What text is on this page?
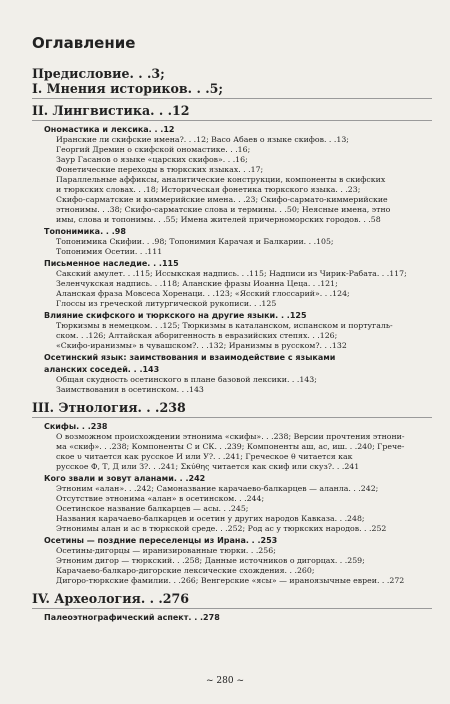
Оглавление
Предисловие. . .3;
I. Мнения историков. . .5;
II. Лингвистика. . .12
Ономастика и лексика. . .12
Иранские ли скифские имена?. . .12; Васо Абаев о языке скифов. . .13;
Георгий Дремин о скифской ономастике. . .16;
Заур Гасанов о языке «царских скифов». . .16;
Фонетические переходы в тюркских языках. . .17;
Параллельные аффиксы, аналитические конструкции, компоненты в скифских
и тюркских словах. . .18; Историческая фонетика тюркского языка. . .23;
Скифо-сарматские и киммерийские имена. . .23; Скифо-сармато-киммерийские
этнонимы. . .38; Скифо-сарматские слова и термины. . .50; Неясные имена, этно
имы, слова и топонимы. . .55; Имена жителей причерноморских городов. . .58
Топонимика. . .98
Топонимика Скифии. . .98; Топонимия Карачая и Балкарии. . .105;
Топонимия Осетии. . .111
Письменное наследие. . .115
Сакский амулет. . .115; Иссыкская надпись. . .115; Надписи из Чирик-Рабата. . .117;
Зеленчукская надпись. . .118; Аланские фразы Иоанна Цеца. . .121;
Аланская фраза Мовсеса Хоренаци. . .123; «Ясский глоссарий». . .124;
Глоссы из греческой литургической рукописи. . .125
Влияние скифского и тюркского на другие языки. . .125
Тюркизмы в немецком. . .125; Тюркизмы в каталанском, испанском и португаль-
ском. . .126; Алтайская аборигенность в евразийских степях. . .126;
«Скифо-иранизмы» в чувашском?. . .132; Иранизмы в русском?. . .132
Осетинский язык: заимствования и взаимодействие с языками
аланских соседей. . .143
Общая скудность осетинского в плане базовой лексики. . .143;
Заимствования в осетинском. . .143
III. Этнология. . .238
Скифы. . .238
О возможном происхождении этнонима «скифы». . .238; Версии прочтения этнони-
ма «скиф». . .238; Компоненты С и СК. . .239; Компоненты аш, ас, иш. . .240; Грече-
ское υ читается как русское И или У?. . .241; Греческое θ читается как
русское Ф, Т, Д или З?. . .241; Σκύθης читается как скиф или скуз?. . .241
Кого звали и зовут аланами. . .242
Этноним «алан». . .242; Самоназвание карачаево-балкарцев — аланла. . .242;
Отсутствие этнонима «алан» в осетинском. . .244;
Осетинское название балкарцев — асы. . .245;
Названия карачаево-балкарцев и осетин у других народов Кавказа. . .248;
Этнонимы алан и ас в тюркской среде. . .252; Род ас у тюркских народов. . .252
Осетины — поздние переселенцы из Ирана. . .253
Осетины-дигорцы — иранизированные тюрки. . .256;
Этноним дигор — тюркский. . .258; Данные источников о дигорцах. . .259;
Карачаево-балкаро-дигорские лексические схождения. . .260;
Дигоро-тюркские фамилии. . .266; Венгерские «ясы» — ираноязычные евреи. . .272
IV. Археология. . .276
Палеоэтнографический аспект. . .278
~ 280 ~
